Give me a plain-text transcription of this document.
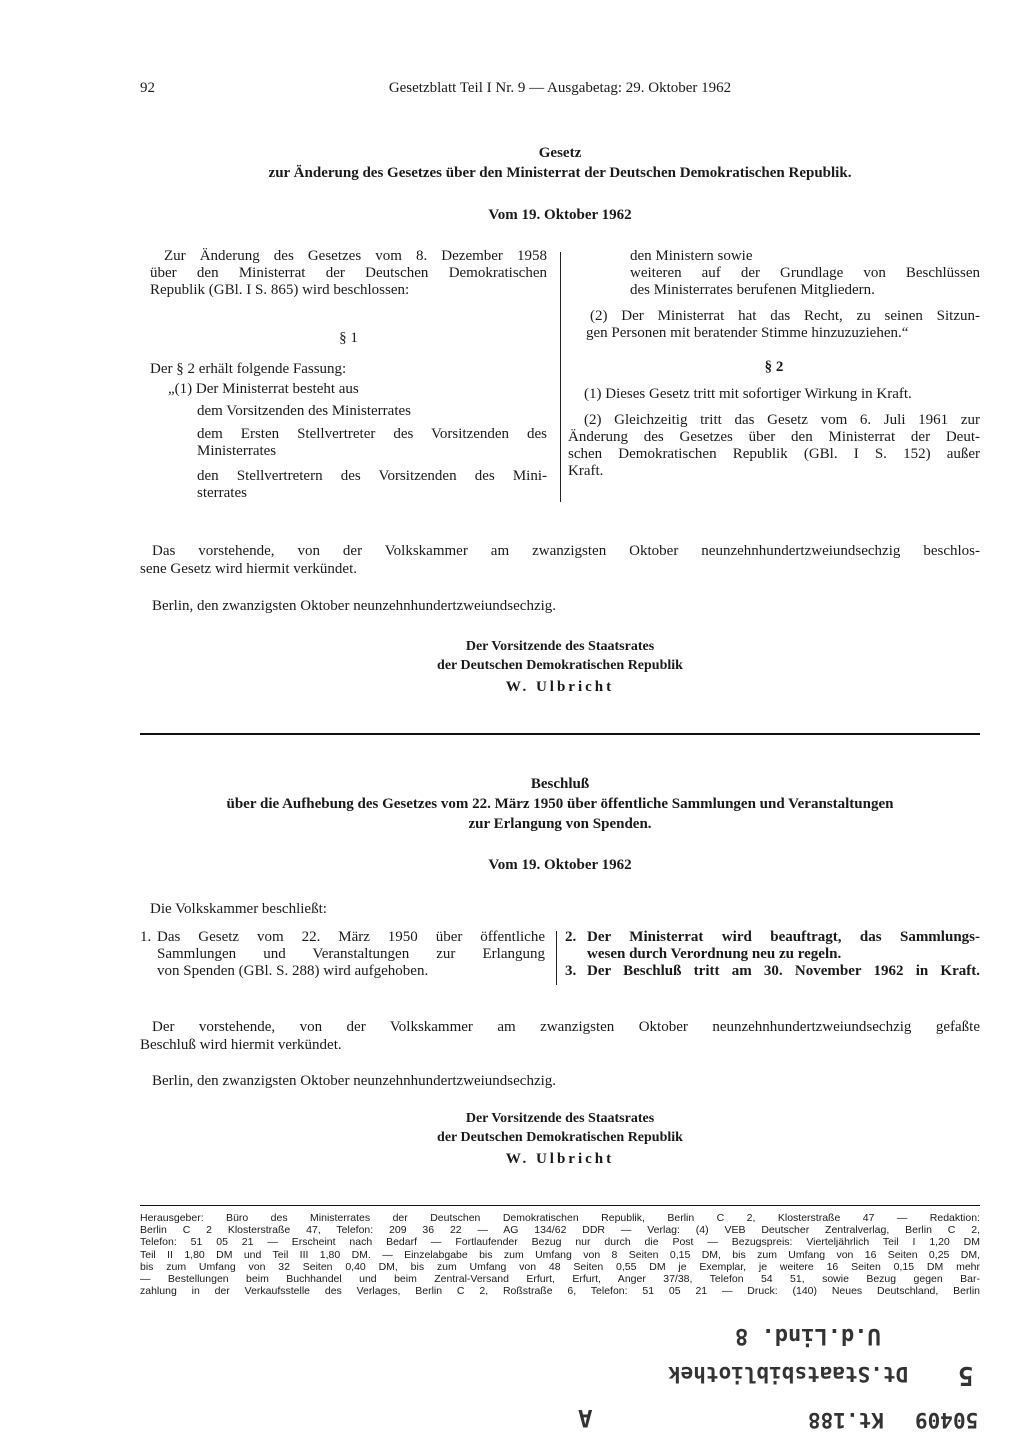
92	Gesetzblatt Teil I Nr. 9 — Ausgabetag: 29. Oktober 1962
Gesetz
zur Änderung des Gesetzes über den Ministerrat der Deutschen Demokratischen Republik.
Vom 19. Oktober 1962

Zur Änderung des Gesetzes vom 8. Dezember 1958

über den Ministerrat der Deutschen Demokratischen

Republik (GBl. I S. 865) wird beschlossen:

§ 1

Der § 2 erhält folgende Fassung:

„(1) Der Ministerrat besteht aus

dem Vorsitzenden des Ministerrates

dem Ersten Stellvertreter des Vorsitzenden des

Ministerrates

den Stellvertretern des Vorsitzenden des Mini-

sterrates

den Ministern sowie

weiteren auf der Grundlage von Beschlüssen

des Ministerrates berufenen Mitgliedern.

(2) Der Ministerrat hat das Recht, zu seinen Sitzun-

gen Personen mit beratender Stimme hinzuzuziehen.“

§ 2

(1) Dieses Gesetz tritt mit sofortiger Wirkung in Kraft.

(2) Gleichzeitig tritt das Gesetz vom 6. Juli 1961 zur

Änderung des Gesetzes über den Ministerrat der Deut-

schen Demokratischen Republik (GBl. I S. 152) außer

Kraft.

Das vorstehende, von der Volkskammer am zwanzigsten Oktober neunzehnhundertzweiundsechzig beschlos-
sene Gesetz wird hiermit verkündet.
Berlin, den zwanzigsten Oktober neunzehnhundertzweiundsechzig.
Der Vorsitzende des Staatsrates
der Deutschen Demokratischen Republik
W. Ulbricht
Beschluß
über die Aufhebung des Gesetzes vom 22. März 1950 über öffentliche Sammlungen und Veranstaltungen
zur Erlangung von Spenden.
Vom 19. Oktober 1962
Die Volkskammer beschließt:

1. Das Gesetz vom 22. März 1950 über öffentliche

Sammlungen und Veranstaltungen zur Erlangung

von Spenden (GBl. S. 288) wird aufgehoben.

2. Der Ministerrat wird beauftragt, das Sammlungs-

wesen durch Verordnung neu zu regeln.

3. Der Beschluß tritt am 30. November 1962 in Kraft.

Der vorstehende, von der Volkskammer am zwanzigsten Oktober neunzehnhundertzweiundsechzig gefaßte
Beschluß wird hiermit verkündet.
Berlin, den zwanzigsten Oktober neunzehnhundertzweiundsechzig.
Der Vorsitzende des Staatsrates
der Deutschen Demokratischen Republik
W. Ulbricht
Herausgeber: Büro des Ministerrates der Deutschen Demokratischen Republik, Berlin C 2, Klosterstraße 47 — Redaktion:
Berlin C 2 Klosterstraße 47, Telefon: 209 36 22 — AG 134/62 DDR — Verlag: (4) VEB Deutscher Zentralverlag, Berlin C 2,
Telefon: 51 05 21 — Erscheint nach Bedarf — Fortlaufender Bezug nur durch die Post — Bezugspreis: Vierteljährlich Teil I 1,20 DM
Teil II 1,80 DM und Teil III 1,80 DM. — Einzelabgabe bis zum Umfang von 8 Seiten 0,15 DM, bis zum Umfang von 16 Seiten 0,25 DM,
bis zum Umfang von 32 Seiten 0,40 DM, bis zum Umfang von 48 Seiten 0,55 DM je Exemplar, je weitere 16 Seiten 0,15 DM mehr
— Bestellungen beim Buchhandel und beim Zentral-Versand Erfurt, Erfurt, Anger 37/38, Telefon 54 51, sowie Bezug gegen Bar-
zahlung in der Verkaufsstelle des Verlages, Berlin C 2, Roßstraße 6, Telefon: 51 05 21 — Druck: (140) Neues Deutschland, Berlin
U.d.Lind. 8
Dt.Staatsbibliothek 5
Kt.188 50409
A
